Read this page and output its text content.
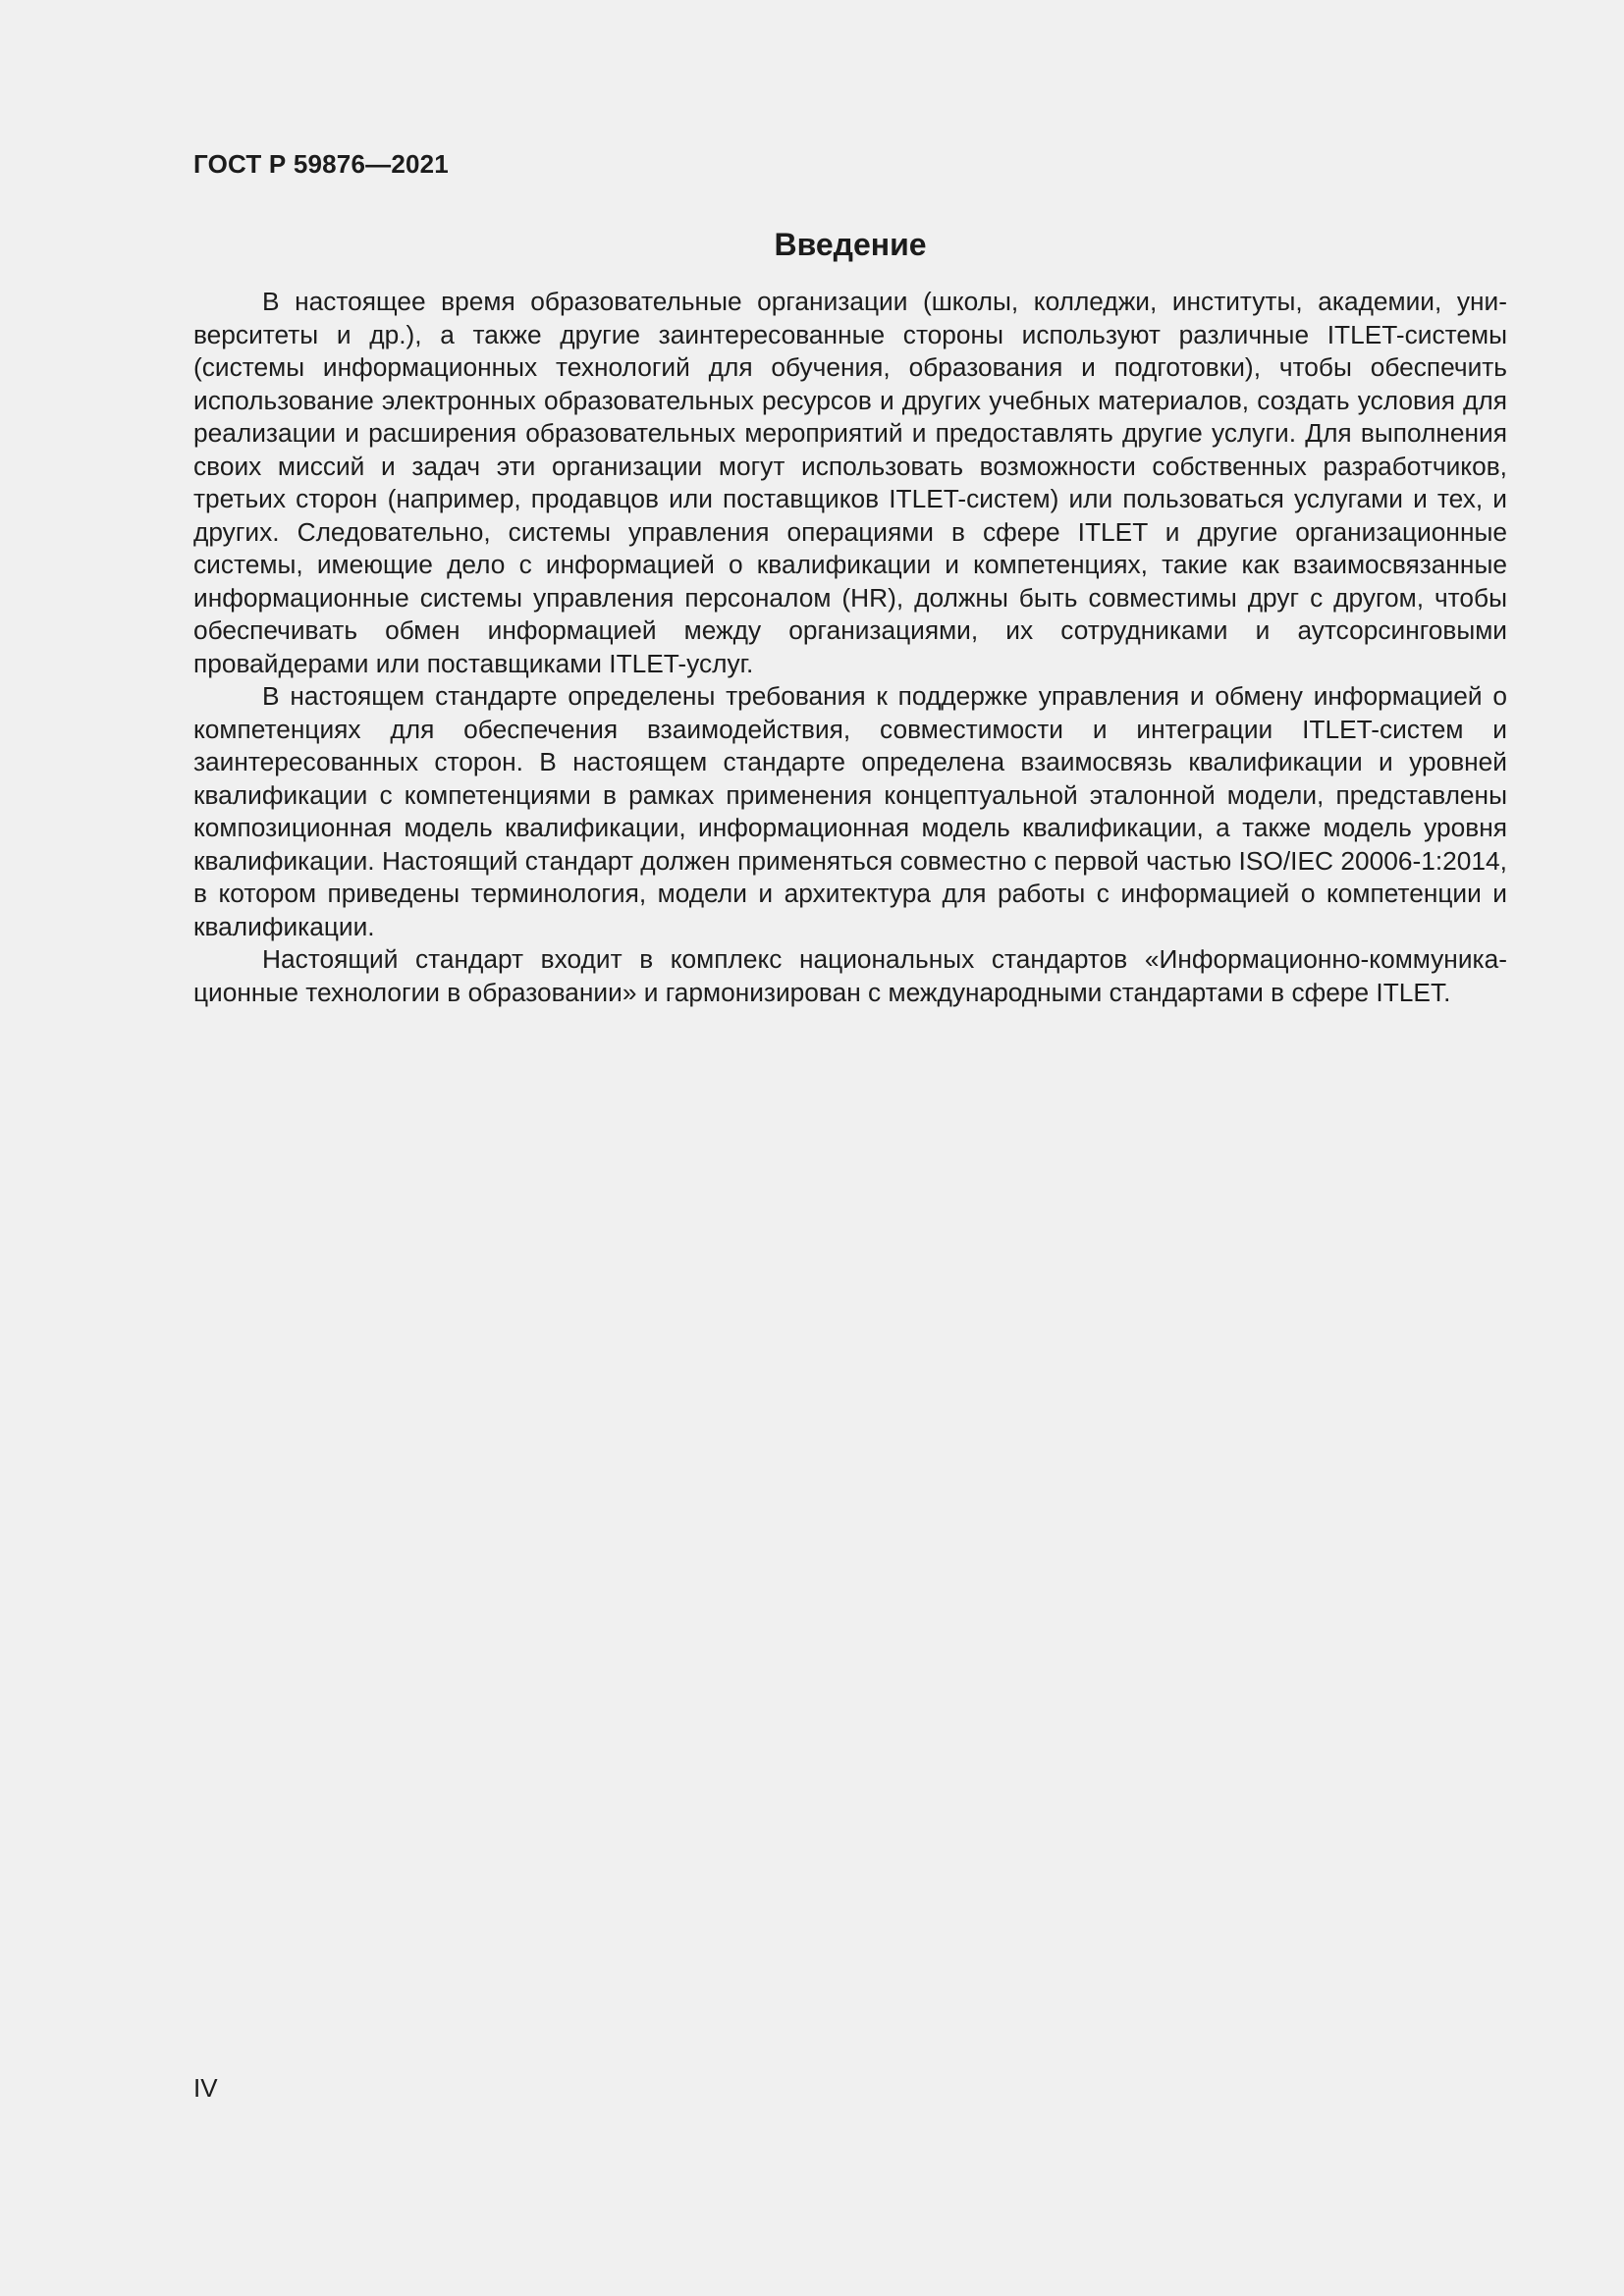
ГОСТ Р 59876—2021
Введение

В настоящее время образовательные организации (школы, колледжи, институты, академии, университеты и др.), а также другие заинтересованные стороны используют различные ITLET-системы (системы информационных технологий для обучения, образования и подготовки), чтобы обеспечить использование электронных образовательных ресурсов и других учебных материалов, создать условия для реализации и расширения образовательных мероприятий и предоставлять другие услуги. Для выполнения своих миссий и задач эти организации могут использовать возможности собственных разработчиков, третьих сторон (например, продавцов или поставщиков ITLET-систем) или пользоваться услугами и тех, и других. Следовательно, системы управления операциями в сфере ITLET и другие организационные системы, имеющие дело с информацией о квалификации и компетенциях, такие как взаимосвязанные информационные системы управления персоналом (HR), должны быть совместимы друг с другом, чтобы обеспечивать обмен информацией между организациями, их сотрудниками и аутсорсинговыми провайдерами или поставщиками ITLET-услуг.

В настоящем стандарте определены требования к поддержке управления и обмену информацией о компетенциях для обеспечения взаимодействия, совместимости и интеграции ITLET-систем и заинтересованных сторон. В настоящем стандарте определена взаимосвязь квалификации и уровней квалификации с компетенциями в рамках применения концептуальной эталонной модели, представлены композиционная модель квалификации, информационная модель квалификации, а также модель уровня квалификации. Настоящий стандарт должен применяться совместно с первой частью ISO/IEC 20006-1:2014, в котором приведены терминология, модели и архитектура для работы с информацией о компетенции и квалификации.

Настоящий стандарт входит в комплекс национальных стандартов «Информационно-коммуникационные технологии в образовании» и гармонизирован с международными стандартами в сфере ITLET.

IV
